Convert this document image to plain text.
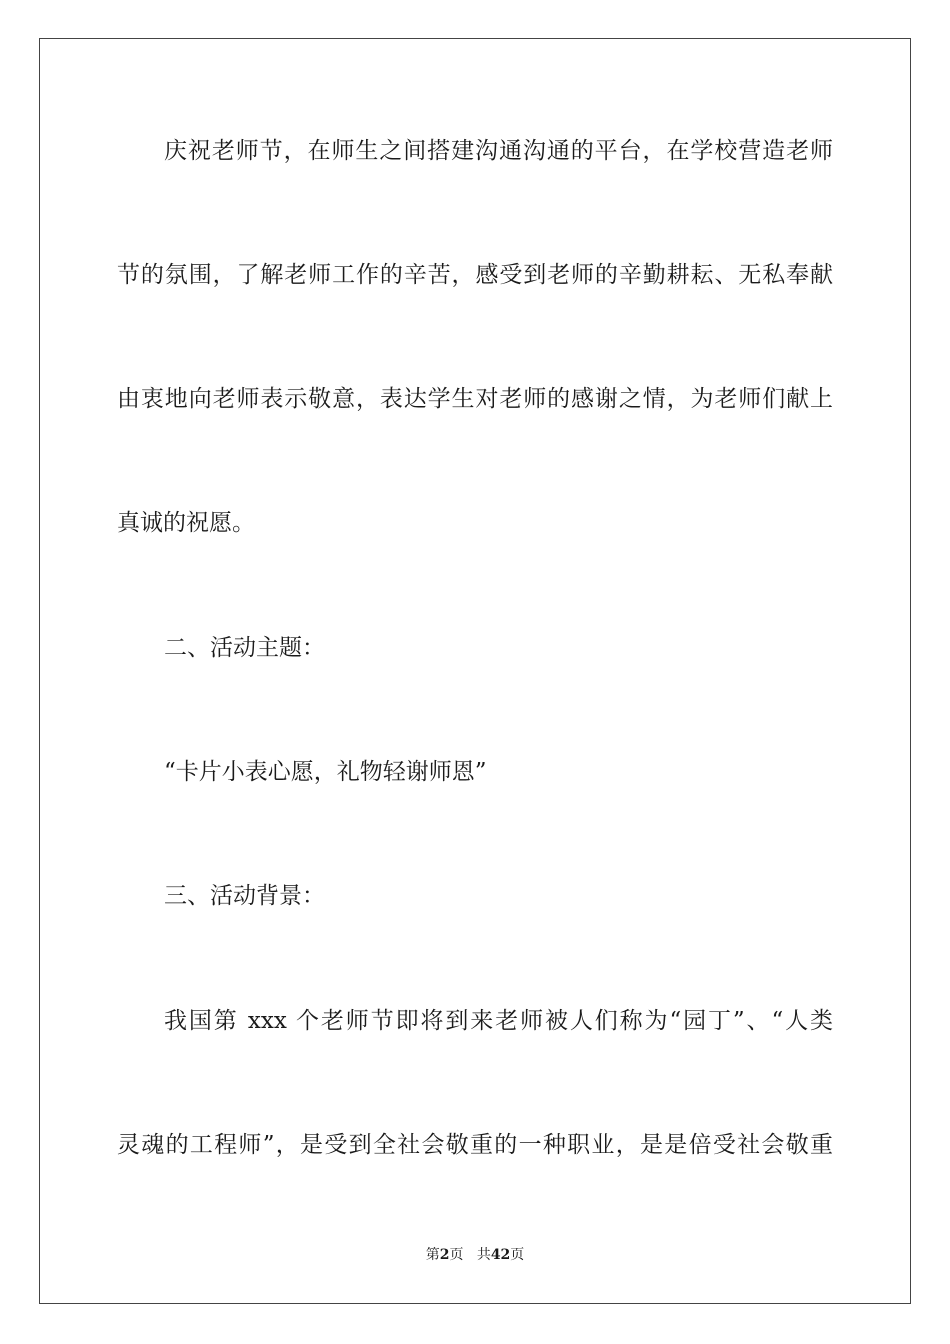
庆祝老师节，在师生之间搭建沟通沟通的平台，在学校营造老师

节的氛围，了解老师工作的辛苦，感受到老师的辛勤耕耘、无私奉献

由衷地向老师表示敬意，表达学生对老师的感谢之情，为老师们献上

真诚的祝愿。

二、活动主题：

“卡片小表心愿，礼物轻谢师恩”

三、活动背景：

我国第 xxx 个老师节即将到来老师被人们称为“园丁”、“人类

灵魂的工程师”，是受到全社会敬重的一种职业，是是倍受社会敬重

第2页 共42页
